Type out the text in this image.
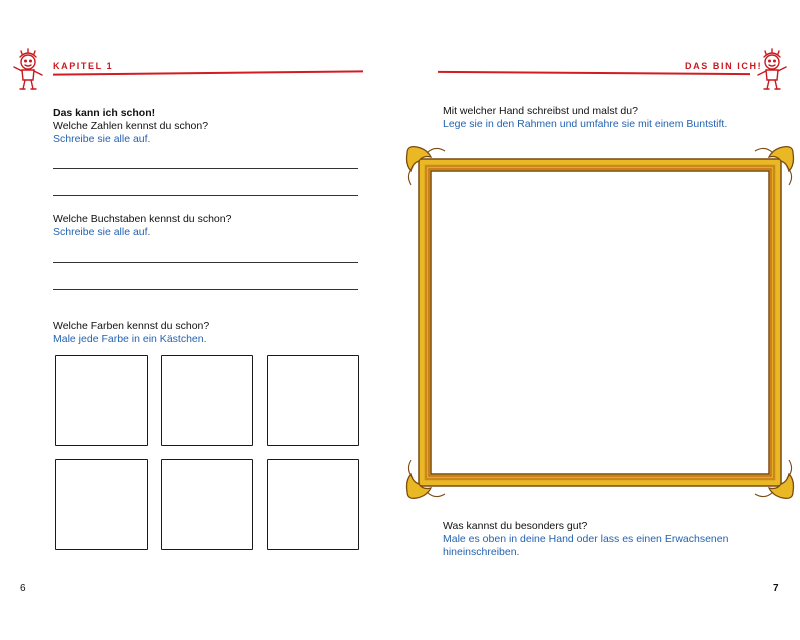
KAPITEL 1
Das kann ich schon!
Welche Zahlen kennst du schon?
Schreibe sie alle auf.
Welche Buchstaben kennst du schon?
Schreibe sie alle auf.
Welche Farben kennst du schon?
Male jede Farbe in ein Kästchen.
6
DAS BIN ICH!
Mit welcher Hand schreibst und malst du?
Lege sie in den Rahmen und umfahre sie mit einem Buntstift.
Was kannst du besonders gut?
Male es oben in deine Hand oder lass es einen Erwachsenen
hineinschreiben.
7
